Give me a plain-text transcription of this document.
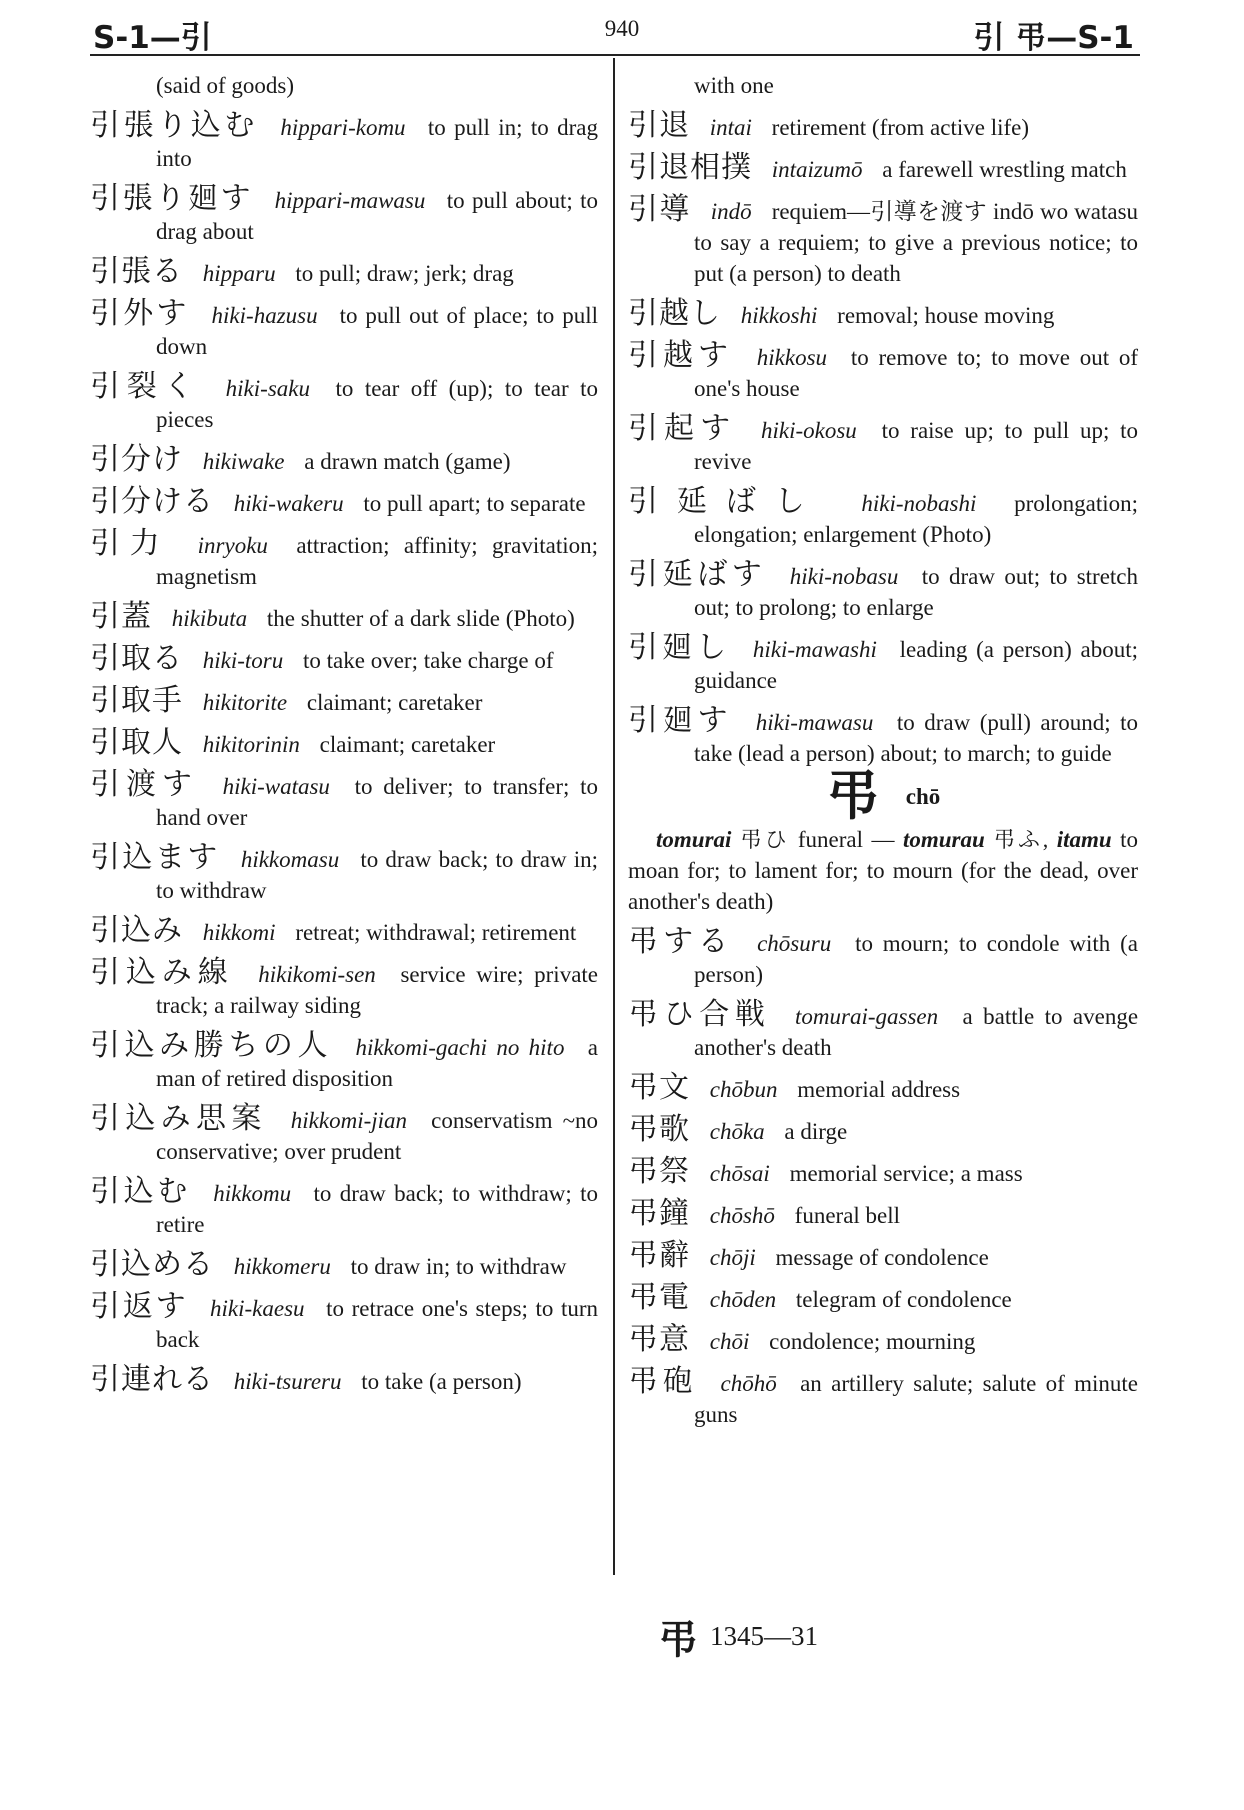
S-1—引	940	引 弔—S-1

(said of goods)

引張り込む hippari-komu to pull in; to drag into

引張り廻す hippari-mawasu to pull about; to drag about

引張る hipparu to pull; draw; jerk; drag

引外す hiki-hazusu to pull out of place; to pull down

引裂く hiki-saku to tear off (up); to tear to pieces

引分け hikiwake a drawn match (game)

引分ける hiki-wakeru to pull apart; to separate

引力 inryoku attraction; affinity; gravitation; magnetism

引蓋 hikibuta the shutter of a dark slide (Photo)

引取る hiki-toru to take over; take charge of

引取手 hikitorite claimant; caretaker

引取人 hikitorinin claimant; caretaker

引渡す hiki-watasu to deliver; to transfer; to hand over

引込ます hikkomasu to draw back; to draw in; to withdraw

引込み hikkomi retreat; withdrawal; retirement

引込み線 hikikomi-sen service wire; private track; a railway siding

引込み勝ちの人 hikkomi-gachi no hito a man of retired disposition

引込み思案 hikkomi-jian conservatism ~no conservative; over prudent

引込む hikkomu to draw back; to withdraw; to retire

引込める hikkomeru to draw in; to withdraw

引返す hiki-kaesu to retrace one's steps; to turn back

引連れる hiki-tsureru to take (a person)

with one

引退 intai retirement (from active life)

引退相撲 intaizumō a farewell wrestling match

引導 indō requiem—引導を渡す indō wo watasu to say a requiem; to give a previous notice; to put (a person) to death

引越し hikkoshi removal; house moving

引越す hikkosu to remove to; to move out of one's house

引起す hiki-okosu to raise up; to pull up; to revive

引延ばし hiki-nobashi prolongation; elongation; enlargement (Photo)

引延ばす hiki-nobasu to draw out; to stretch out; to prolong; to enlarge

引廻し hiki-mawashi leading (a person) about; guidance

引廻す hiki-mawasu to draw (pull) around; to take (lead a person) about; to march; to guide

弔 chō

tomurai 弔ひ funeral — tomurau 弔ふ, itamu to moan for; to lament for; to mourn (for the dead, over another's death)

弔する chōsuru to mourn; to condole with (a person)

弔ひ合戦 tomurai-gassen a battle to avenge another's death

弔文 chōbun memorial address

弔歌 chōka a dirge

弔祭 chōsai memorial service; a mass

弔鐘 chōshō funeral bell

弔辭 chōji message of condolence

弔電 chōden telegram of condolence

弔意 chōi condolence; mourning

弔砲 chōhō an artillery salute; salute of minute guns

弔 1345—31
